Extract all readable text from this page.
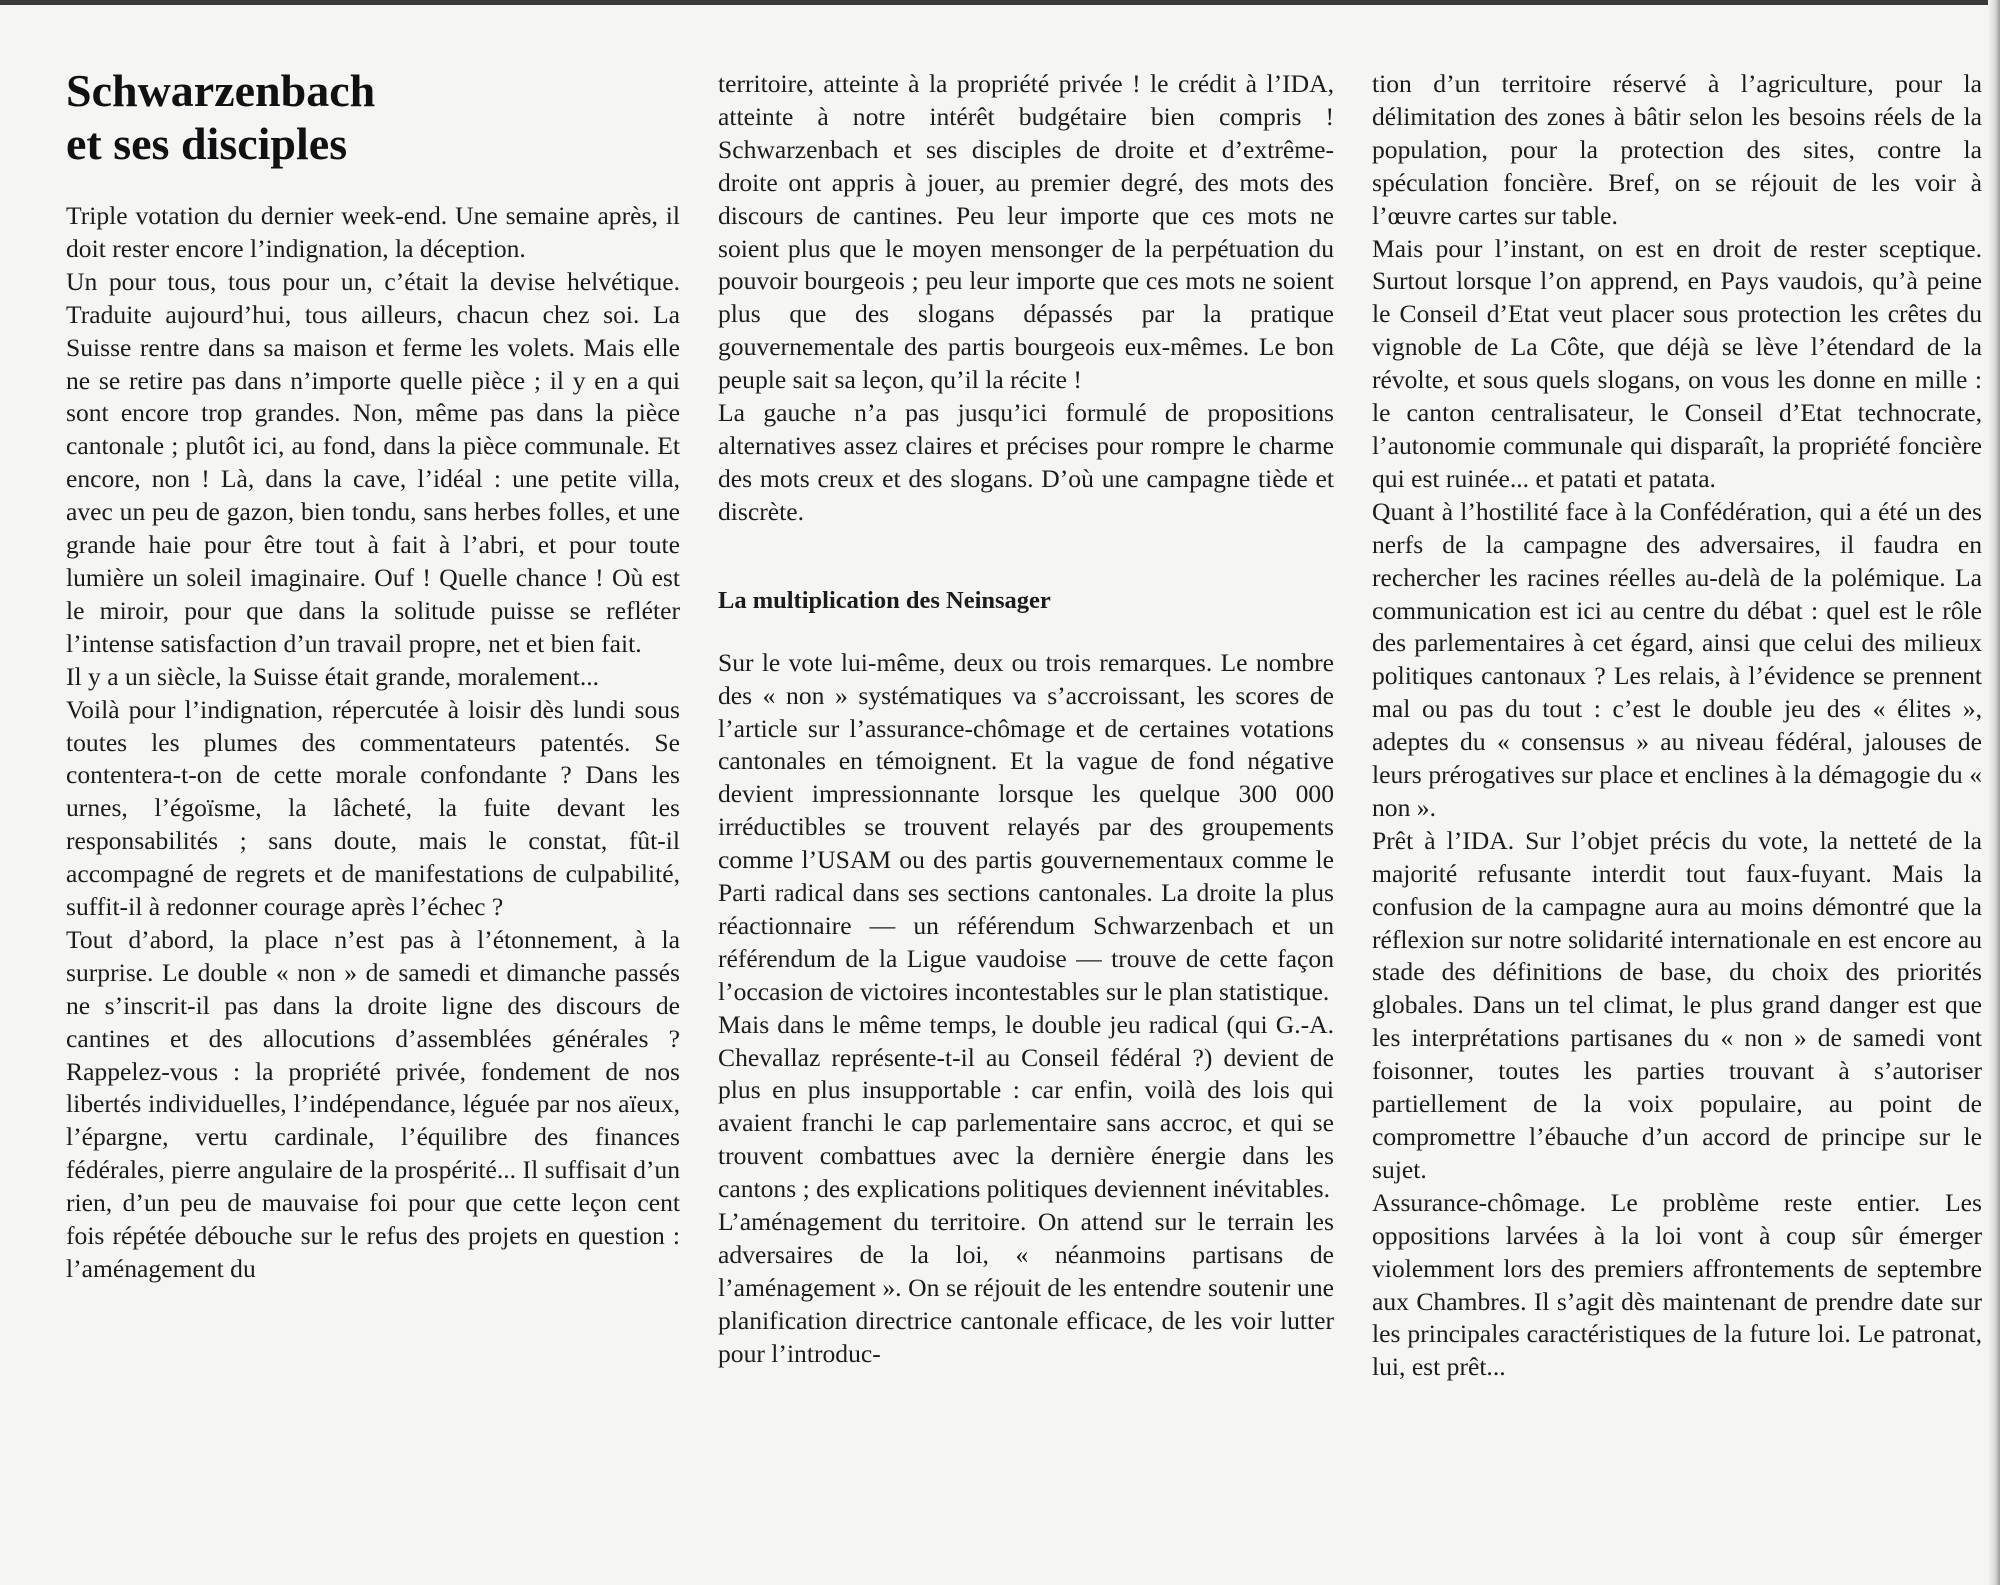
Schwarzenbach
et ses disciples

Triple votation du dernier week-end. Une semaine après, il doit rester encore l’indignation, la déception.

Un pour tous, tous pour un, c’était la devise helvétique. Traduite aujourd’hui, tous ailleurs, chacun chez soi. La Suisse rentre dans sa maison et ferme les volets. Mais elle ne se retire pas dans n’importe quelle pièce ; il y en a qui sont encore trop grandes. Non, même pas dans la pièce cantonale ; plutôt ici, au fond, dans la pièce communale. Et encore, non ! Là, dans la cave, l’idéal : une petite villa, avec un peu de gazon, bien tondu, sans herbes folles, et une grande haie pour être tout à fait à l’abri, et pour toute lumière un soleil imaginaire. Ouf ! Quelle chance ! Où est le miroir, pour que dans la solitude puisse se refléter l’intense satisfaction d’un travail propre, net et bien fait.

Il y a un siècle, la Suisse était grande, moralement...

Voilà pour l’indignation, répercutée à loisir dès lundi sous toutes les plumes des commentateurs patentés. Se contentera-t-on de cette morale confondante ? Dans les urnes, l’égoïsme, la lâcheté, la fuite devant les responsabilités ; sans doute, mais le constat, fût-il accompagné de regrets et de manifestations de culpabilité, suffit-il à redonner courage après l’échec ?

Tout d’abord, la place n’est pas à l’étonnement, à la surprise. Le double « non » de samedi et dimanche passés ne s’inscrit-il pas dans la droite ligne des discours de cantines et des allocutions d’assemblées générales ? Rappelez-vous : la propriété privée, fondement de nos libertés individuelles, l’indépendance, léguée par nos aïeux, l’épargne, vertu cardinale, l’équilibre des finances fédérales, pierre angulaire de la prospérité... Il suffisait d’un rien, d’un peu de mauvaise foi pour que cette leçon cent fois répétée débouche sur le refus des projets en question : l’aménagement du

territoire, atteinte à la propriété privée ! le crédit à l’IDA, atteinte à notre intérêt budgétaire bien compris ! Schwarzenbach et ses disciples de droite et d’extrême-droite ont appris à jouer, au premier degré, des mots des discours de cantines. Peu leur importe que ces mots ne soient plus que le moyen mensonger de la perpétuation du pouvoir bourgeois ; peu leur importe que ces mots ne soient plus que des slogans dépassés par la pratique gouvernementale des partis bourgeois eux-mêmes. Le bon peuple sait sa leçon, qu’il la récite !

La gauche n’a pas jusqu’ici formulé de propositions alternatives assez claires et précises pour rompre le charme des mots creux et des slogans. D’où une campagne tiède et discrète.

La multiplication des Neinsager

Sur le vote lui-même, deux ou trois remarques. Le nombre des « non » systématiques va s’accroissant, les scores de l’article sur l’assurance-chômage et de certaines votations cantonales en témoignent. Et la vague de fond négative devient impressionnante lorsque les quelque 300 000 irréductibles se trouvent relayés par des groupements comme l’USAM ou des partis gouvernementaux comme le Parti radical dans ses sections cantonales. La droite la plus réactionnaire — un référendum Schwarzenbach et un référendum de la Ligue vaudoise — trouve de cette façon l’occasion de victoires incontestables sur le plan statistique.

Mais dans le même temps, le double jeu radical (qui G.-A. Chevallaz représente-t-il au Conseil fédéral ?) devient de plus en plus insupportable : car enfin, voilà des lois qui avaient franchi le cap parlementaire sans accroc, et qui se trouvent combattues avec la dernière énergie dans les cantons ; des explications politiques deviennent inévitables.

L’aménagement du territoire. On attend sur le terrain les adversaires de la loi, « néanmoins partisans de l’aménagement ». On se réjouit de les entendre soutenir une planification directrice cantonale efficace, de les voir lutter pour l’introduc-

tion d’un territoire réservé à l’agriculture, pour la délimitation des zones à bâtir selon les besoins réels de la population, pour la protection des sites, contre la spéculation foncière. Bref, on se réjouit de les voir à l’œuvre cartes sur table.

Mais pour l’instant, on est en droit de rester sceptique. Surtout lorsque l’on apprend, en Pays vaudois, qu’à peine le Conseil d’Etat veut placer sous protection les crêtes du vignoble de La Côte, que déjà se lève l’étendard de la révolte, et sous quels slogans, on vous les donne en mille : le canton centralisateur, le Conseil d’Etat technocrate, l’autonomie communale qui disparaît, la propriété foncière qui est ruinée... et patati et patata.

Quant à l’hostilité face à la Confédération, qui a été un des nerfs de la campagne des adversaires, il faudra en rechercher les racines réelles au-delà de la polémique. La communication est ici au centre du débat : quel est le rôle des parlementaires à cet égard, ainsi que celui des milieux politiques cantonaux ? Les relais, à l’évidence se prennent mal ou pas du tout : c’est le double jeu des « élites », adeptes du « consensus » au niveau fédéral, jalouses de leurs prérogatives sur place et enclines à la démagogie du « non ».

Prêt à l’IDA. Sur l’objet précis du vote, la netteté de la majorité refusante interdit tout faux-fuyant. Mais la confusion de la campagne aura au moins démontré que la réflexion sur notre solidarité internationale en est encore au stade des définitions de base, du choix des priorités globales. Dans un tel climat, le plus grand danger est que les interprétations partisanes du « non » de samedi vont foisonner, toutes les parties trouvant à s’autoriser partiellement de la voix populaire, au point de compromettre l’ébauche d’un accord de principe sur le sujet.

Assurance-chômage. Le problème reste entier. Les oppositions larvées à la loi vont à coup sûr émerger violemment lors des premiers affrontements de septembre aux Chambres. Il s’agit dès maintenant de prendre date sur les principales caractéristiques de la future loi. Le patronat, lui, est prêt...
